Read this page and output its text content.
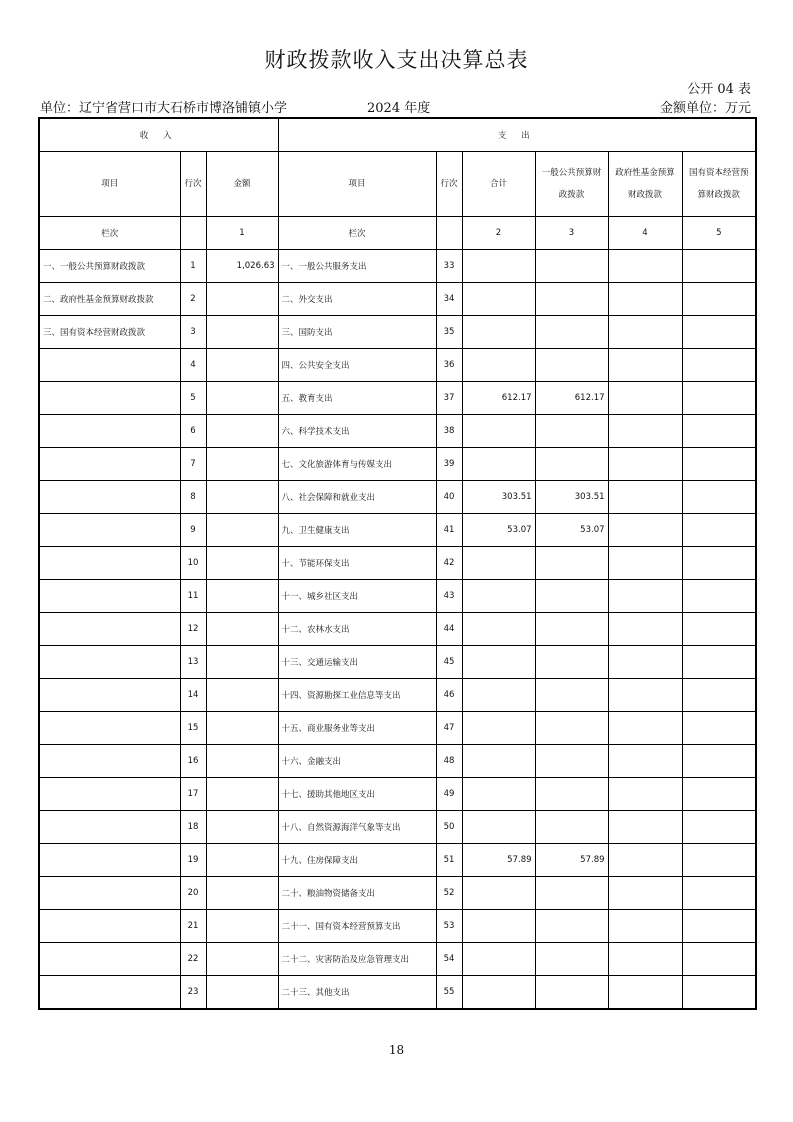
财政拨款收入支出决算总表
公开 04 表
单位：辽宁省营口市大石桥市博洛铺镇小学	2024 年度	金额单位：万元
收 入			支 出					
项目	行次	金额	项目	行次	合计	一般公共预算财政拨款	政府性基金预算财政拨款	国有资本经营预算财政拨款
栏次		1	栏次		2	3	4	5
一、一般公共预算财政拨款	1	1,026.63	一、一般公共服务支出	33				
二、政府性基金预算财政拨款	2		二、外交支出	34				
三、国有资本经营财政拨款	3		三、国防支出	35				
	4		四、公共安全支出	36				
	5		五、教育支出	37	612.17	612.17		
	6		六、科学技术支出	38				
	7		七、文化旅游体育与传媒支出	39				
	8		八、社会保障和就业支出	40	303.51	303.51		
	9		九、卫生健康支出	41	53.07	53.07		
	10		十、节能环保支出	42				
	11		十一、城乡社区支出	43				
	12		十二、农林水支出	44				
	13		十三、交通运输支出	45				
	14		十四、资源勘探工业信息等支出	46				
	15		十五、商业服务业等支出	47				
	16		十六、金融支出	48				
	17		十七、援助其他地区支出	49				
	18		十八、自然资源海洋气象等支出	50				
	19		十九、住房保障支出	51	57.89	57.89		
	20		二十、粮油物资储备支出	52				
	21		二十一、国有资本经营预算支出	53				
	22		二十二、灾害防治及应急管理支出	54				
	23		二十三、其他支出	55				
18
